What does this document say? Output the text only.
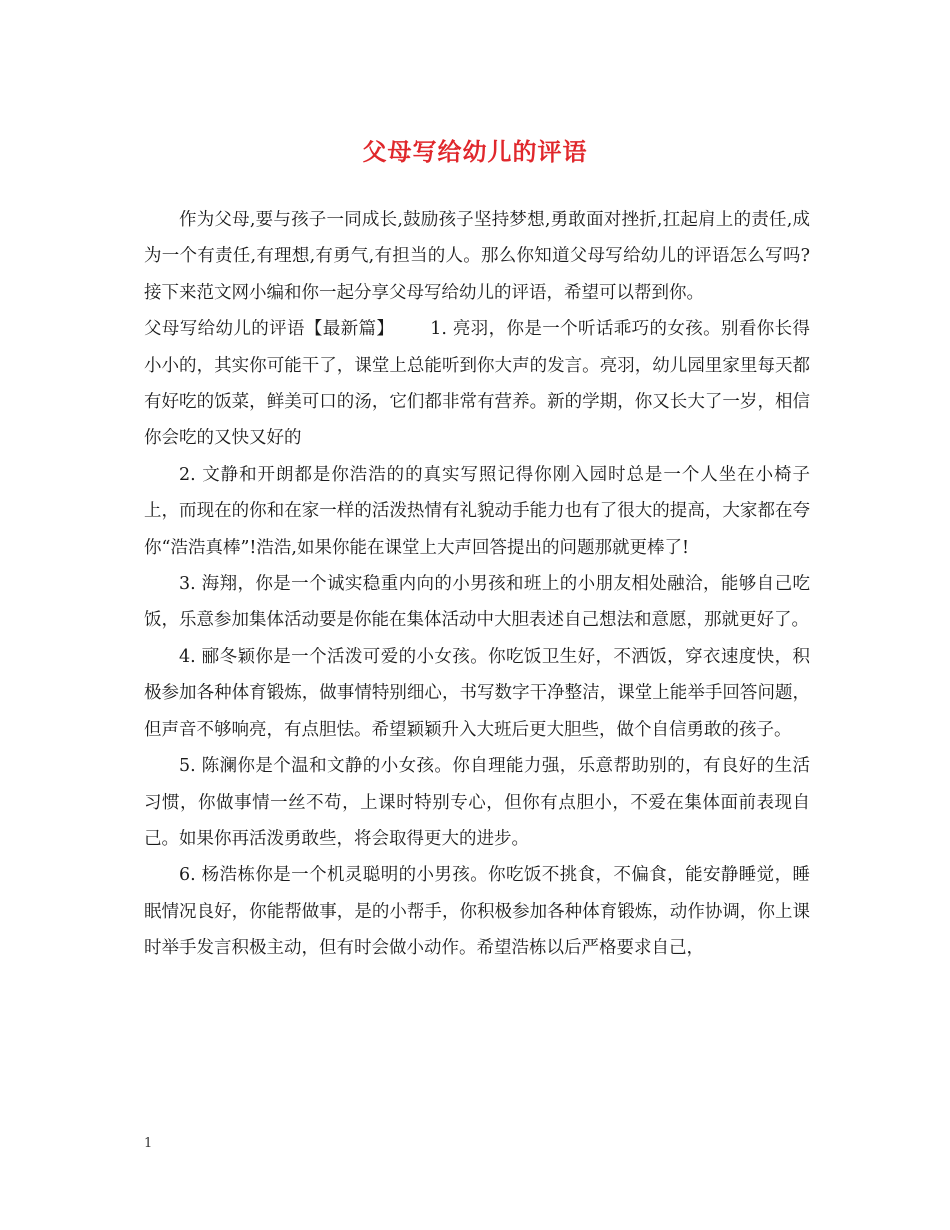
父母写给幼儿的评语

作为父母,要与孩子一同成长,鼓励孩子坚持梦想,勇敢面对挫折,扛起肩上的责任,成为一个有责任,有理想,有勇气,有担当的人。那么你知道父母写给幼儿的评语怎么写吗?接下来范文网小编和你一起分享父母写给幼儿的评语，希望可以帮到你。

父母写给幼儿的评语【最新篇】 1. 亮羽，你是一个听话乖巧的女孩。别看你长得小小的，其实你可能干了，课堂上总能听到你大声的发言。亮羽，幼儿园里家里每天都有好吃的饭菜，鲜美可口的汤，它们都非常有营养。新的学期，你又长大了一岁，相信你会吃的又快又好的

2. 文静和开朗都是你浩浩的的真实写照记得你刚入园时总是一个人坐在小椅子上，而现在的你和在家一样的活泼热情有礼貌动手能力也有了很大的提高，大家都在夸你“浩浩真棒”!浩浩,如果你能在课堂上大声回答提出的问题那就更棒了!

3. 海翔，你是一个诚实稳重内向的小男孩和班上的小朋友相处融洽，能够自己吃饭，乐意参加集体活动要是你能在集体活动中大胆表述自己想法和意愿，那就更好了。

4. 郦冬颖你是一个活泼可爱的小女孩。你吃饭卫生好，不洒饭，穿衣速度快，积极参加各种体育锻炼，做事情特别细心，书写数字干净整洁，课堂上能举手回答问题，但声音不够响亮，有点胆怯。希望颖颖升入大班后更大胆些，做个自信勇敢的孩子。

5. 陈澜你是个温和文静的小女孩。你自理能力强，乐意帮助别的，有良好的生活习惯，你做事情一丝不苟，上课时特别专心，但你有点胆小，不爱在集体面前表现自己。如果你再活泼勇敢些，将会取得更大的进步。

6. 杨浩栋你是一个机灵聪明的小男孩。你吃饭不挑食，不偏食，能安静睡觉，睡眠情况良好，你能帮做事，是的小帮手，你积极参加各种体育锻炼，动作协调，你上课时举手发言积极主动，但有时会做小动作。希望浩栋以后严格要求自己，

1
